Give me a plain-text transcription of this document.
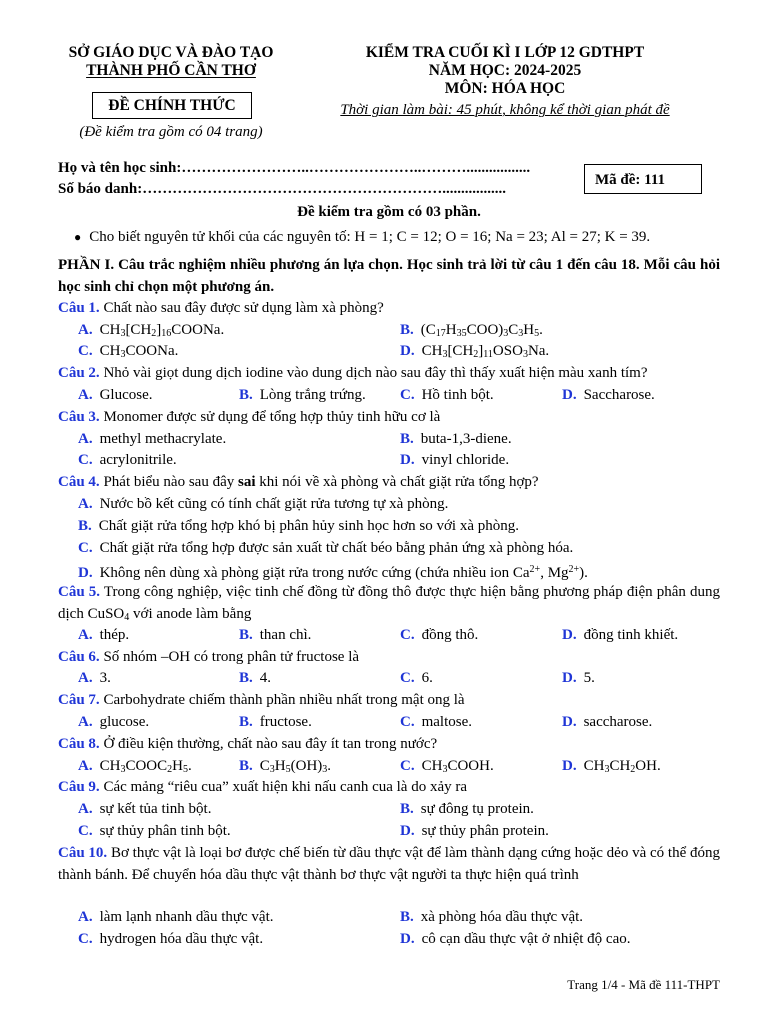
SỞ GIÁO DỤC VÀ ĐÀO TẠO
THÀNH PHỐ CẦN THƠ
ĐỀ CHÍNH THỨC
(Đề kiểm tra gồm có 04 trang)
KIỂM TRA CUỐI KÌ I LỚP 12 GDTHPT
NĂM HỌC: 2024-2025
MÔN: HÓA HỌC
Thời gian làm bài: 45 phút, không kể thời gian phát đề
Họ và tên học sinh:……………………..…………………..……….................
Số báo danh:…………………………………………………….................
Mã đề: 111
Đề kiểm tra gồm có 03 phần.
● Cho biết nguyên tử khối của các nguyên tố: H = 1; C = 12; O = 16; Na = 23; Al = 27; K = 39.
PHẦN I. Câu trắc nghiệm nhiều phương án lựa chọn. Học sinh trả lời từ câu 1 đến câu 18. Mỗi câu hỏi học sinh chỉ chọn một phương án.
Câu 1. Chất nào sau đây được sử dụng làm xà phòng?
A. $CH_3[CH_2]_{16}COONa$.	B. $(C_{17}H_{35}COO)_3C_3H_5$.
C. $CH_3COONa$.	D. $CH_3[CH_2]_{11}OSO_3Na$.
Câu 2. Nhỏ vài giọt dung dịch iodine vào dung dịch nào sau đây thì thấy xuất hiện màu xanh tím?
A. Glucose.	B. Lòng trắng trứng. C. Hồ tinh bột.	D. Saccharose.
Câu 3. Monomer được sử dụng để tổng hợp thủy tinh hữu cơ là
A. methyl methacrylate.	B. buta-1,3-diene.
C. acrylonitrile.	D. vinyl chloride.
Câu 4. Phát biểu nào sau đây sai khi nói về xà phòng và chất giặt rửa tổng hợp?
A. Nước bồ kết cũng có tính chất giặt rửa tương tự xà phòng.
B. Chất giặt rửa tổng hợp khó bị phân hủy sinh học hơn so với xà phòng.
C. Chất giặt rửa tổng hợp được sản xuất từ chất béo bằng phản ứng xà phòng hóa.
D. Không nên dùng xà phòng giặt rửa trong nước cứng (chứa nhiều ion $Ca^{2+}$, $Mg^{2+}$).
Câu 5. Trong công nghiệp, việc tinh chế đồng từ đồng thô được thực hiện bằng phương pháp điện phân dung dịch CuSO$_4$ với anode làm bằng
A. thép.	B. than chì.	C. đồng thô.	D. đồng tinh khiết.
Câu 6. Số nhóm –OH có trong phân tử fructose là
A. 3.	B. 4.	C. 6.	D. 5.
Câu 7. Carbohydrate chiếm thành phần nhiều nhất trong mật ong là
A. glucose.	B. fructose.	C. maltose.	D. saccharose.
Câu 8. Ở điều kiện thường, chất nào sau đây ít tan trong nước?
A. $CH_3COOC_2H_5$.	B. $C_3H_5(OH)_3$.	C. $CH_3COOH$.	D. $CH_3CH_2OH$.
Câu 9. Các mảng “riêu cua” xuất hiện khi nấu canh cua là do xảy ra
A. sự kết tủa tinh bột.	B. sự đông tụ protein.
C. sự thủy phân tinh bột.	D. sự thủy phân protein.
Câu 10. Bơ thực vật là loại bơ được chế biến từ dầu thực vật để làm thành dạng cứng hoặc dẻo và có thể đóng thành bánh. Để chuyển hóa dầu thực vật thành bơ thực vật người ta thực hiện quá trình
A. làm lạnh nhanh dầu thực vật.	B. xà phòng hóa dầu thực vật.
C. hydrogen hóa dầu thực vật.	D. cô cạn dầu thực vật ở nhiệt độ cao.
Trang 1/4 - Mã đề 111-THPT
